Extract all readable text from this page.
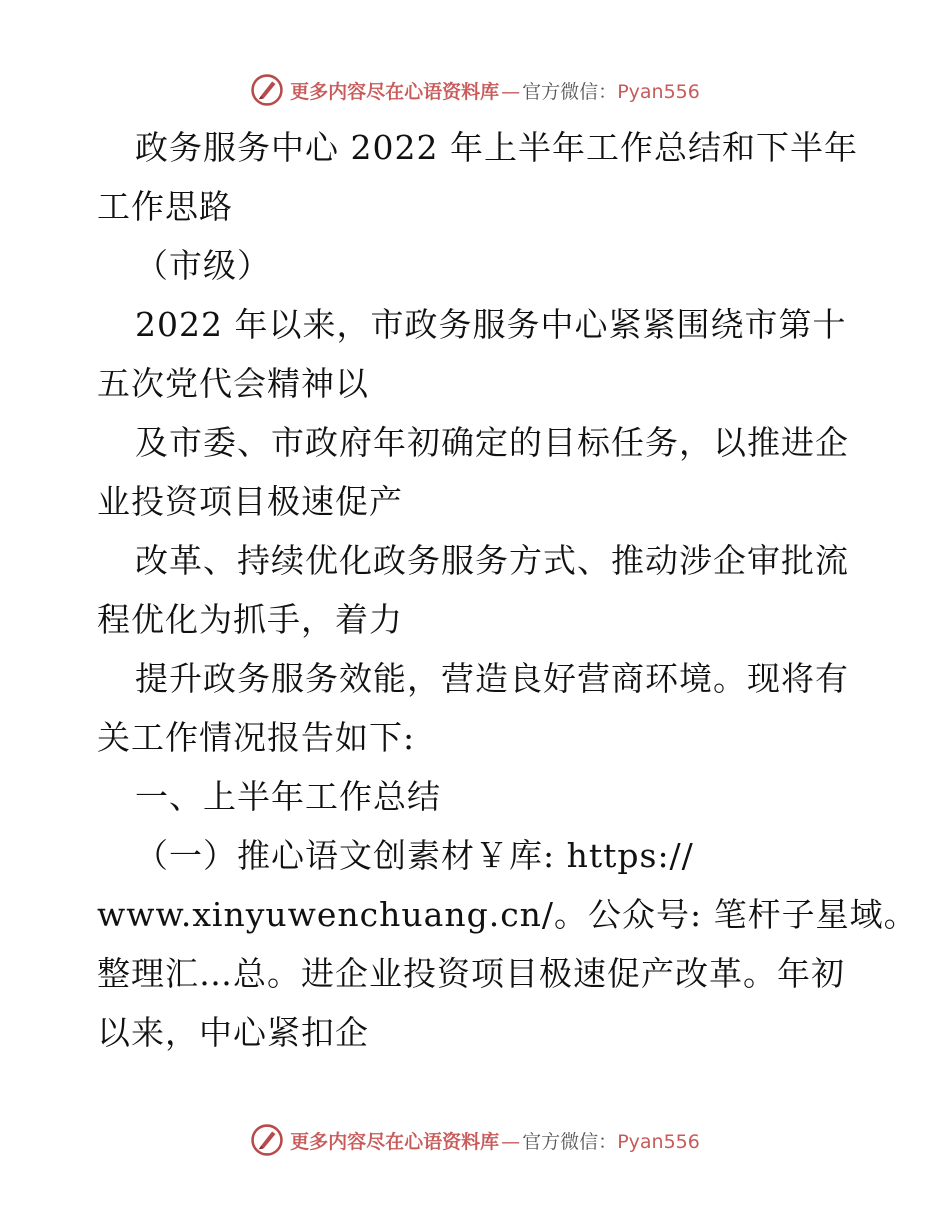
更多内容尽在心语资料库 — 官方微信：Pyan556
政务服务中心 2022 年上半年工作总结和下半年
工作思路
（市级）
2022 年以来，市政务服务中心紧紧围绕市第十
五次党代会精神以
及市委、市政府年初确定的目标任务，以推进企
业投资项目极速促产
改革、持续优化政务服务方式、推动涉企审批流
程优化为抓手，着力
提升政务服务效能，营造良好营商环境。现将有
关工作情况报告如下:
一、上半年工作总结
（一）推心语文创素材￥库: https://
www.xinyuwenchuang.cn/。公众号: 笔杆子星域。
整理汇…总。进企业投资项目极速促产改革。年初
以来，中心紧扣企
更多内容尽在心语资料库 — 官方微信：Pyan556
